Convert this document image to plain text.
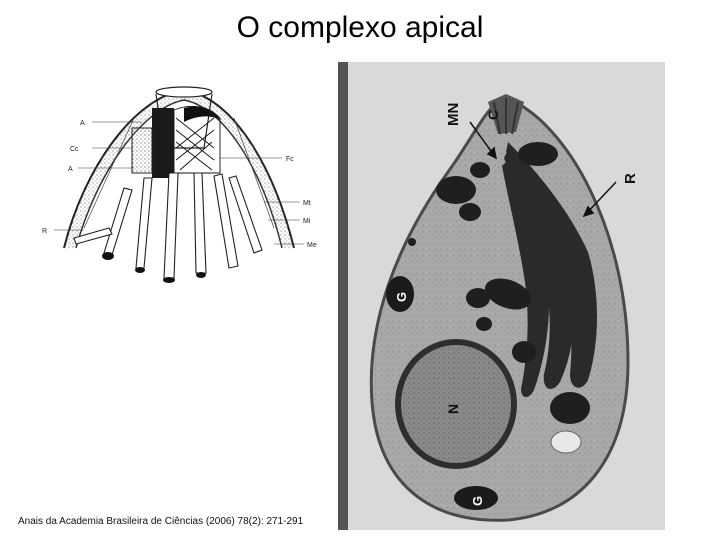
O complexo apical
A
Cc
A
Fc
Mt
Mi
R
Me
MN C
R
G
N
G
Anais da Academia Brasileira de Ciências (2006) 78(2): 271-291
